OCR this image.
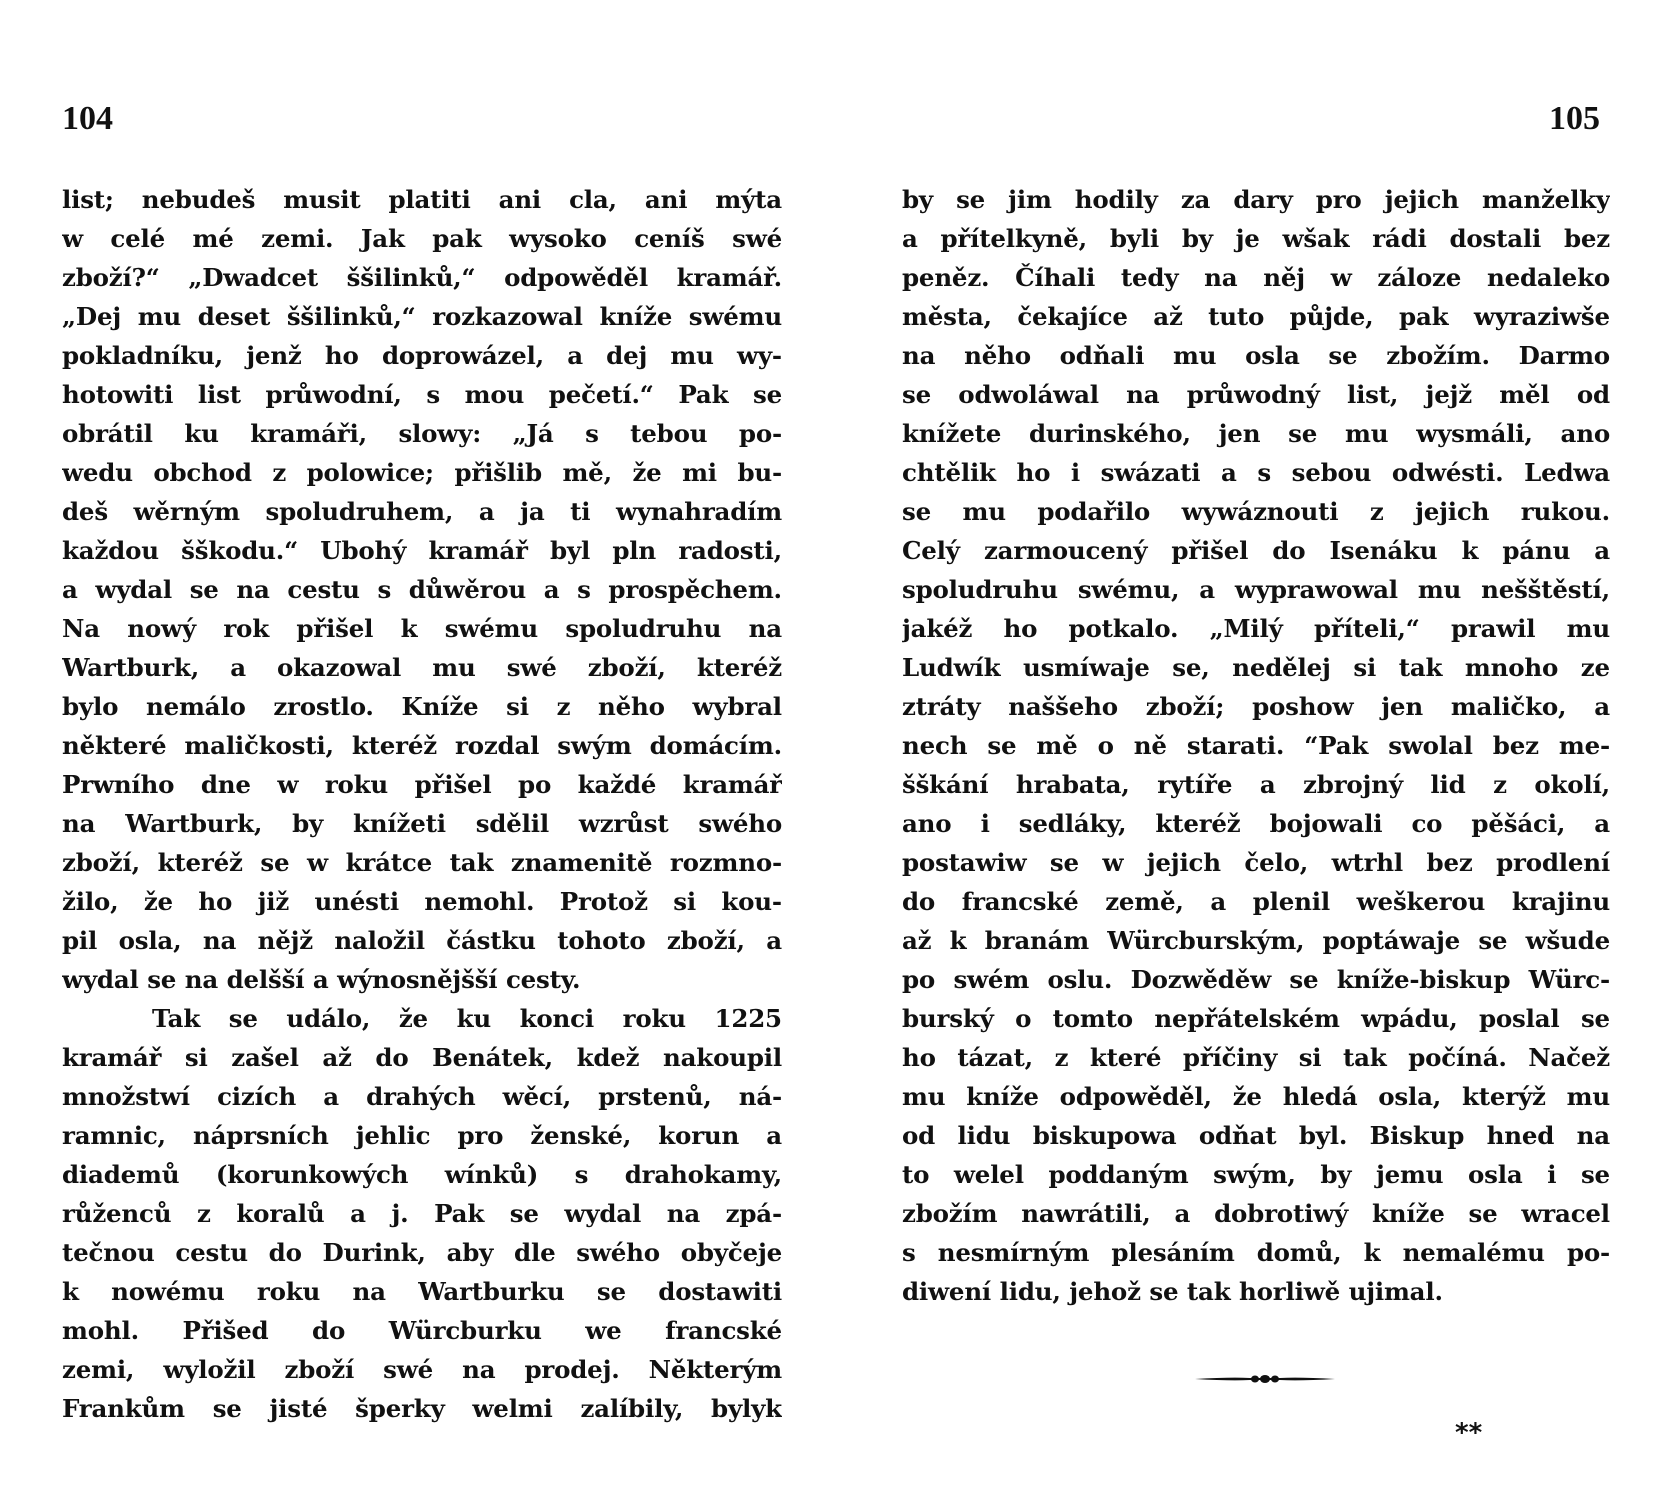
104	105
list; nebudeš musit platiti ani cla, ani mýta
w celé mé zemi. Jak pak wysoko ceníš swé
zboží?“ „Dwadcet ššilinků,“ odpowěděl kramář.
„Dej mu deset ššilinků,“ rozkazowal kníže swému
pokladníku, jenž ho doprowázel, a dej mu wy-
hotowiti list průwodní, s mou pečetí.“ Pak se
obrátil ku kramáři, slowy: „Já s tebou po-
wedu obchod z polowice; přišlib mě, že mi bu-
deš wěrným spoludruhem, a ja ti wynahradím
každou šškodu.“ Ubohý kramář byl pln radosti,
a wydal se na cestu s důwěrou a s prospěchem.
Na nowý rok přišel k swému spoludruhu na
Wartburk, a okazowal mu swé zboží, kteréž
bylo nemálo zrostlo. Kníže si z něho wybral
některé maličkosti, kteréž rozdal swým domácím.
Prwního dne w roku přišel po každé kramář
na Wartburk, by knížeti sdělil wzrůst swého
zboží, kteréž se w krátce tak znamenitě rozmno-
žilo, že ho již unésti nemohl. Protož si kou-
pil osla, na nějž naložil částku tohoto zboží, a
wydal se na delšší a wýnosnějšší cesty.
Tak se událo, že ku konci roku 1225
kramář si zašel až do Benátek, kdež nakoupil
množstwí cizích a drahých wěcí, prstenů, ná-
ramnic, náprsních jehlic pro ženské, korun a
diademů (korunkowých wínků) s drahokamy,
růženců z koralů a j. Pak se wydal na zpá-
tečnou cestu do Durink, aby dle swého obyčeje
k nowému roku na Wartburku se dostawiti
mohl. Přišed do Würcburku we francské
zemi, wyložil zboží swé na prodej. Některým
Frankům se jisté šperky welmi zalíbily, bylyk
by se jim hodily za dary pro jejich manželky
a přítelkyně, byli by je wšak rádi dostali bez
peněz. Číhali tedy na něj w záloze nedaleko
města, čekajíce až tuto půjde, pak wyraziwše
na něho odňali mu osla se zbožím. Darmo
se odwoláwal na průwodný list, jejž měl od
knížete durinského, jen se mu wysmáli, ano
chtělik ho i swázati a s sebou odwésti. Ledwa
se mu podařilo wywáznouti z jejich rukou.
Celý zarmoucený přišel do Isenáku k pánu a
spoludruhu swému, a wyprawowal mu nešštěstí,
jakéž ho potkalo. „Milý příteli,“ prawil mu
Ludwík usmíwaje se, nedělej si tak mnoho ze
ztráty naššeho zboží; poshow jen maličko, a
nech se mě o ně starati. “Pak swolal bez me-
šškání hrabata, rytíře a zbrojný lid z okolí,
ano i sedláky, kteréž bojowali co pěšáci, a
postawiw se w jejich čelo, wtrhl bez prodlení
do francské země, a plenil weškerou krajinu
až k branám Würcburským, poptáwaje se wšude
po swém oslu. Dozwěděw se kníže-biskup Würc-
burský o tomto nepřátelském wpádu, poslal se
ho tázat, z které příčiny si tak počíná. Načež
mu kníže odpowěděl, že hledá osla, kterýž mu
od lidu biskupowa odňat byl. Biskup hned na
to welel poddaným swým, by jemu osla i se
zbožím nawrátili, a dobrotiwý kníže se wracel
s nesmírným plesáním domů, k nemalému po-
diwení lidu, jehož se tak horliwě ujimal.
**
